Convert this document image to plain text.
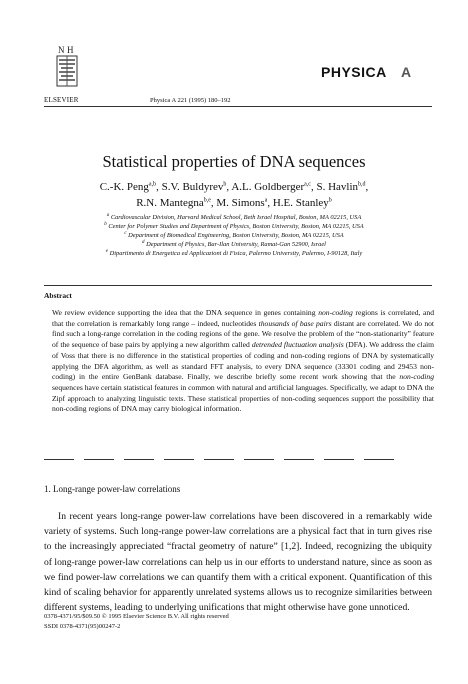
N H
ELSEVIER	Physica A 221 (1995) 180–192
PHYSICA A
Statistical properties of DNA sequences
C.-K. Peng$^{a,b}$, S.V. Buldyrev$^b$, A.L. Goldberger$^{a,c}$, S. Havlin$^{b,d}$,
R.N. Mantegna$^{b,e}$, M. Simons$^a$, H.E. Stanley$^b$
$^a$ Cardiovascular Division, Harvard Medical School, Beth Israel Hospital, Boston, MA 02215, USA
$^b$ Center for Polymer Studies and Department of Physics, Boston University, Boston, MA 02215, USA
$^c$ Department of Biomedical Engineering, Boston University, Boston, MA 02215, USA
$^d$ Department of Physics, Bar-Ilan University, Ramat-Gan 52900, Israel
$^e$ Dipartimento di Energetica ed Applicazioni di Fisica, Palermo University, Palermo, I-90128, Italy
Abstract
We review evidence supporting the idea that the DNA sequence in genes containing non-coding regions is correlated, and that the correlation is remarkably long range – indeed, nucleotides thousands of base pairs distant are correlated. We do not find such a long-range correlation in the coding regions of the gene. We resolve the problem of the “non-stationarity” feature of the sequence of base pairs by applying a new algorithm called detrended fluctuation analysis (DFA). We address the claim of Voss that there is no difference in the statistical properties of coding and non-coding regions of DNA by systematically applying the DFA algorithm, as well as standard FFT analysis, to every DNA sequence (33301 coding and 29453 non-coding) in the entire GenBank database. Finally, we describe briefly some recent work showing that the non-coding sequences have certain statistical features in common with natural and artificial languages. Specifically, we adapt to DNA the Zipf approach to analyzing linguistic texts. These statistical properties of non-coding sequences support the possibility that non-coding regions of DNA may carry biological information.
1. Long-range power-law correlations

In recent years long-range power-law correlations have been discovered in a remarkably wide variety of systems. Such long-range power-law correlations are a physical fact that in turn gives rise to the increasingly appreciated “fractal geometry of nature” [1,2]. Indeed, recognizing the ubiquity of long-range power-law correlations can help us in our efforts to understand nature, since as soon as we find power-law correlations we can quantify them with a critical exponent. Quantification of this kind of scaling behavior for apparently unrelated systems allows us to recognize similarities between different systems, leading to underlying unifications that might otherwise have gone unnoticed.

0378-4371/95/$09.50 © 1995 Elsevier Science B.V. All rights reserved
SSDI 0378-4371(95)00247-2
